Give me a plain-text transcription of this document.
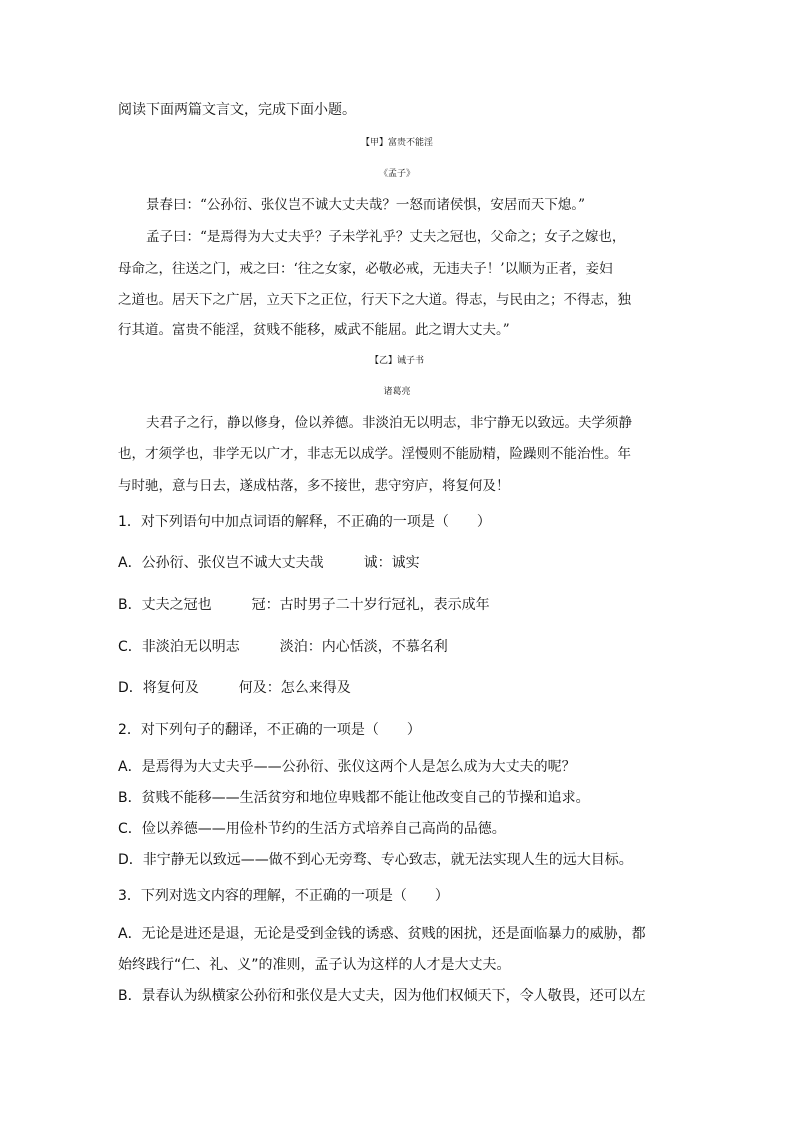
阅读下面两篇文言文，完成下面小题。
【甲】富贵不能淫
《孟子》
景春曰：“公孙衍、张仪岂不诚大丈夫哉？一怒而诸侯惧，安居而天下熄。”
孟子曰：“是焉得为大丈夫乎？子未学礼乎？丈夫之冠也，父命之；女子之嫁也，
母命之，往送之门，戒之曰：‘往之女家，必敬必戒，无违夫子！’以顺为正者，妾妇
之道也。居天下之广居，立天下之正位，行天下之大道。得志，与民由之；不得志，独
行其道。富贵不能淫，贫贱不能移，威武不能屈。此之谓大丈夫。”
【乙】诫子书
诸葛亮
夫君子之行，静以修身，俭以养德。非淡泊无以明志，非宁静无以致远。夫学须静
也，才须学也，非学无以广才，非志无以成学。淫慢则不能励精，险躁则不能治性。年
与时驰，意与日去，遂成枯落，多不接世，悲守穷庐，将复何及！
1．对下列语句中加点词语的解释，不正确的一项是（　　）
A．公孙衍、张仪岂不诚大丈夫哉	诚：诚实
B．丈夫之冠也	冠：古时男子二十岁行冠礼，表示成年
C．非淡泊无以明志	淡泊：内心恬淡，不慕名利
D．将复何及	何及：怎么来得及
2．对下列句子的翻译，不正确的一项是（　　）
A．是焉得为大丈夫乎——公孙衍、张仪这两个人是怎么成为大丈夫的呢？
B．贫贱不能移——生活贫穷和地位卑贱都不能让他改变自己的节操和追求。
C．俭以养德——用俭朴节约的生活方式培养自己高尚的品德。
D．非宁静无以致远——做不到心无旁骛、专心致志，就无法实现人生的远大目标。
3．下列对选文内容的理解，不正确的一项是（　　）
A．无论是进还是退，无论是受到金钱的诱惑、贫贱的困扰，还是面临暴力的威胁，都
始终践行“仁、礼、义”的准则，孟子认为这样的人才是大丈夫。
B．景春认为纵横家公孙衍和张仪是大丈夫，因为他们权倾天下，令人敬畏，还可以左
